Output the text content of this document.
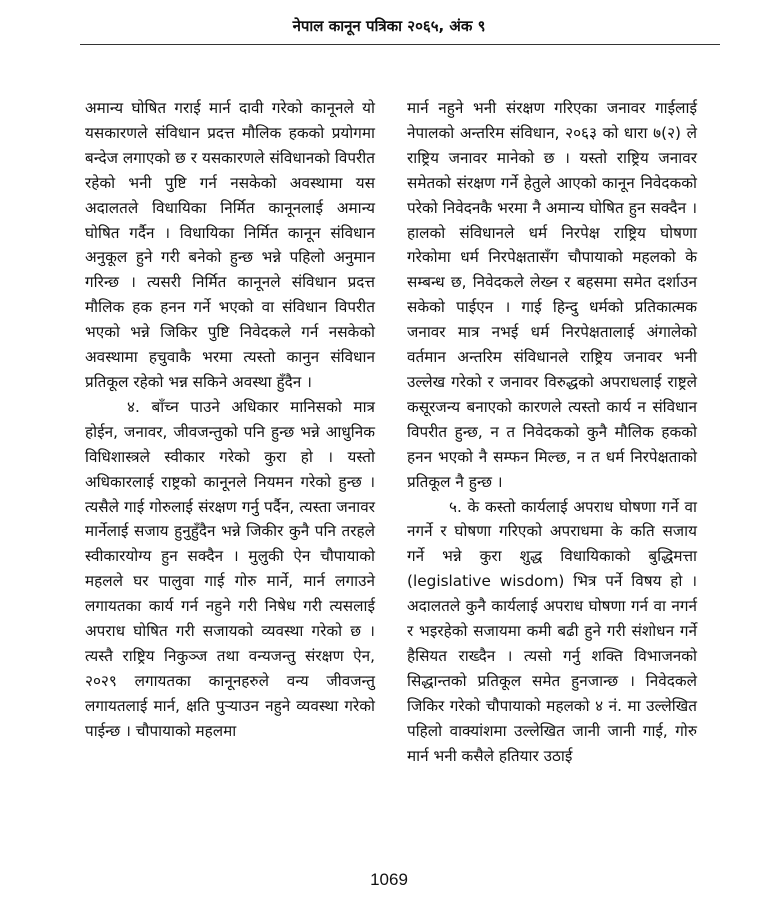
नेपाल कानून पत्रिका २०६५, अंक ९

अमान्य घोषित गराई मार्न दावी गरेको कानूनले यो यसकारणले संविधान प्रदत्त मौलिक हकको प्रयोगमा बन्देज लगाएको छ र यसकारणले संविधानको विपरीत रहेको भनी पुष्टि गर्न नसकेको अवस्थामा यस अदालतले विधायिका निर्मित कानूनलाई अमान्य घोषित गर्दैन । विधायिका निर्मित कानून संविधान अनुकूल हुने गरी बनेको हुन्छ भन्ने पहिलो अनुमान गरिन्छ । त्यसरी निर्मित कानूनले संविधान प्रदत्त मौलिक हक हनन गर्ने भएको वा संविधान विपरीत भएको भन्ने जिकिर पुष्टि निवेदकले गर्न नसकेको अवस्थामा हचुवाकै भरमा त्यस्तो कानुन संविधान प्रतिकूल रहेको भन्न सकिने अवस्था हुँदैन ।

४. बाँच्न पाउने अधिकार मानिसको मात्र होईन, जनावर, जीवजन्तुको पनि हुन्छ भन्ने आधुनिक विधिशास्त्रले स्वीकार गरेको कुरा हो । यस्तो अधिकारलाई राष्ट्रको कानूनले नियमन गरेको हुन्छ । त्यसैले गाई गोरुलाई संरक्षण गर्नु पर्दैन, त्यस्ता जनावर मार्नेलाई सजाय हुनुहुँदैन भन्ने जिकीर कुनै पनि तरहले स्वीकारयोग्य हुन सक्दैन । मुलुकी ऐन चौपायाको महलले घर पालुवा गाई गोरु मार्ने, मार्न लगाउने लगायतका कार्य गर्न नहुने गरी निषेध गरी त्यसलाई अपराध घोषित गरी सजायको व्यवस्था गरेको छ । त्यस्तै राष्ट्रिय निकुञ्ज तथा वन्यजन्तु संरक्षण ऐन, २०२९ लगायतका कानूनहरुले वन्य जीवजन्तु लगायतलाई मार्न, क्षति पुऱ्याउन नहुने व्यवस्था गरेको पाईन्छ । चौपायाको महलमा

मार्न नहुने भनी संरक्षण गरिएका जनावर गाईलाई नेपालको अन्तरिम संविधान, २०६३ को धारा ७(२) ले राष्ट्रिय जनावर मानेको छ । यस्तो राष्ट्रिय जनावर समेतको संरक्षण गर्ने हेतुले आएको कानून निवेदकको परेको निवेदनकै भरमा नै अमान्य घोषित हुन सक्दैन । हालको संविधानले धर्म निरपेक्ष राष्ट्रिय घोषणा गरेकोमा धर्म निरपेक्षतासँग चौपायाको महलको के सम्बन्ध छ, निवेदकले लेख्न र बहसमा समेत दर्शाउन सकेको पाईएन । गाई हिन्दु धर्मको प्रतिकात्मक जनावर मात्र नभई धर्म निरपेक्षतालाई अंगालेको वर्तमान अन्तरिम संविधानले राष्ट्रिय जनावर भनी उल्लेख गरेको र जनावर विरुद्धको अपराधलाई राष्ट्रले कसूरजन्य बनाएको कारणले त्यस्तो कार्य न संविधान विपरीत हुन्छ, न त निवेदकको कुनै मौलिक हकको हनन भएको नै सम्फन मिल्छ, न त धर्म निरपेक्षताको प्रतिकूल नै हुन्छ ।

५. के कस्तो कार्यलाई अपराध घोषणा गर्ने वा नगर्ने र घोषणा गरिएको अपराधमा के कति सजाय गर्ने भन्ने कुरा शुद्ध विधायिकाको बुद्धिमत्ता (legislative wisdom) भित्र पर्ने विषय हो । अदालतले कुनै कार्यलाई अपराध घोषणा गर्न वा नगर्न र भइरहेको सजायमा कमी बढी हुने गरी संशोधन गर्ने हैसियत राख्दैन । त्यसो गर्नु शक्ति विभाजनको सिद्धान्तको प्रतिकूल समेत हुनजान्छ । निवेदकले जिकिर गरेको चौपायाको महलको ४ नं. मा उल्लेखित पहिलो वाक्यांशमा उल्लेखित जानी जानी गाई, गोरु मार्न भनी कसैले हतियार उठाई

1069
